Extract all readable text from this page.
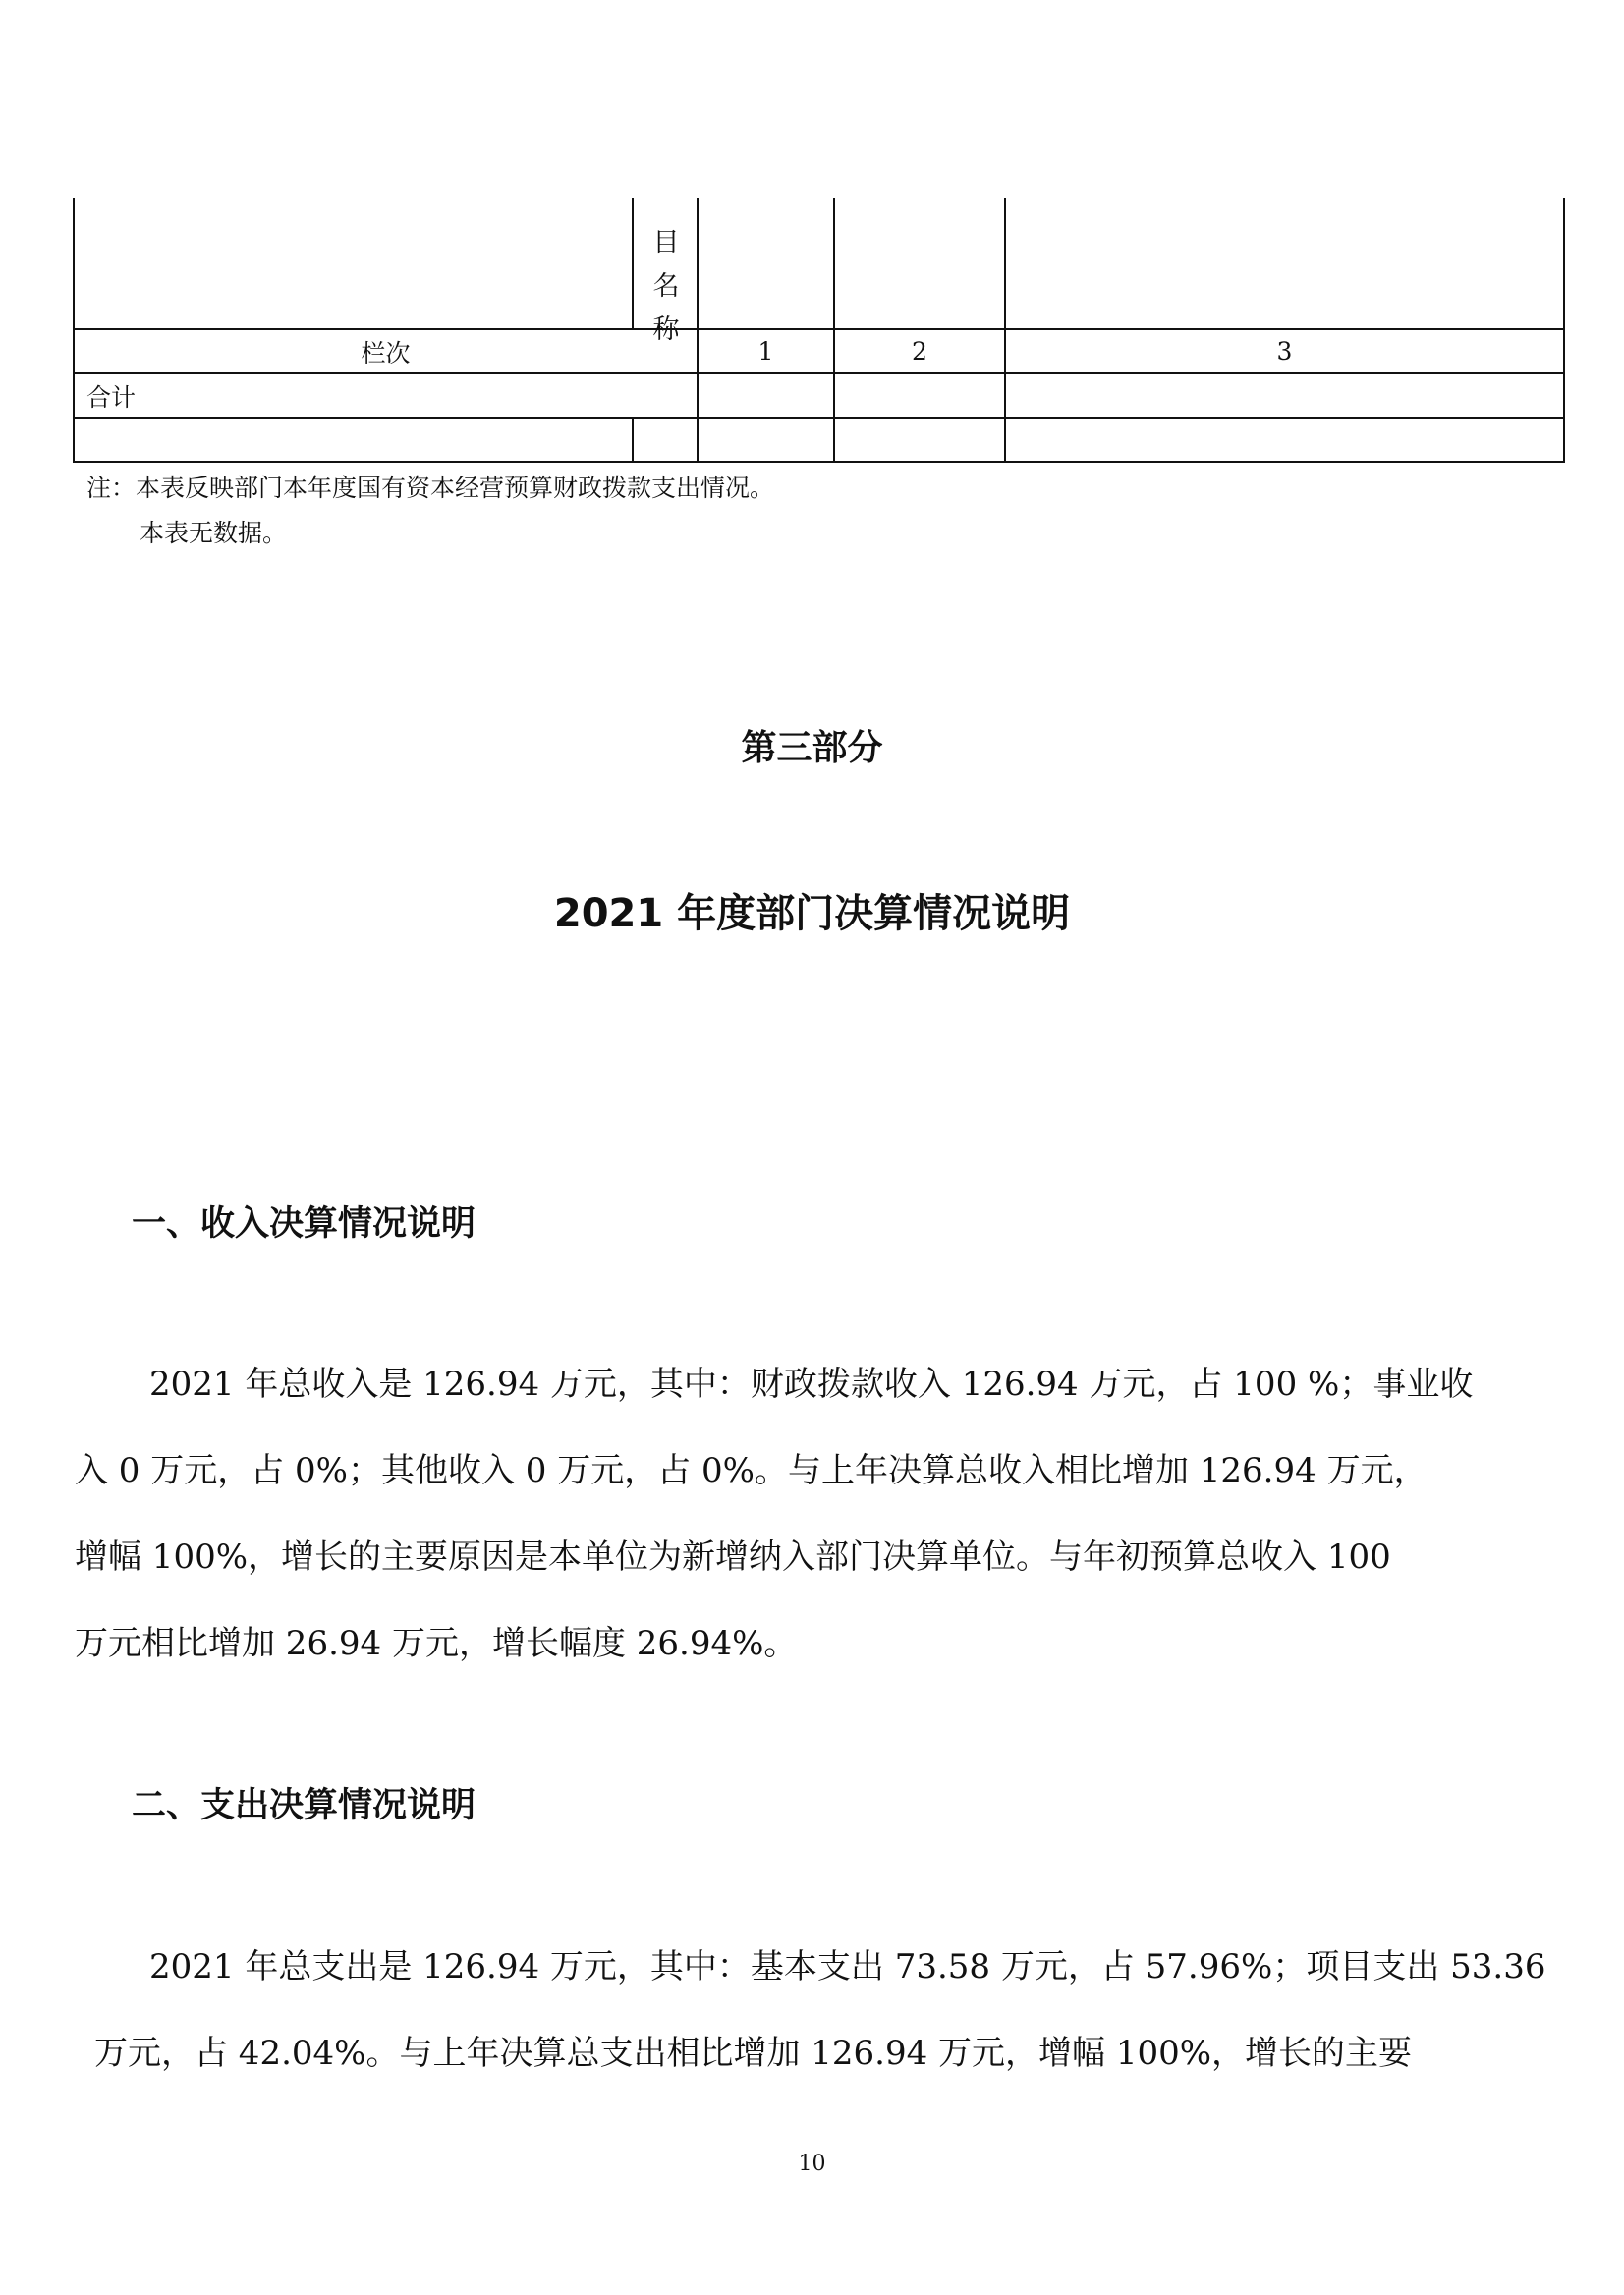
	目
名
称			

栏次		1	2	3
合计				

注：本表反映部门本年度国有资本经营预算财政拨款支出情况。
本表无数据。
第三部分
2021 年度部门决算情况说明
一、收入决算情况说明
2021 年总收入是 126.94 万元，其中：财政拨款收入 126.94 万元，占 100 %；事业收
入 0 万元，占 0%；其他收入 0 万元，占 0%。与上年决算总收入相比增加 126.94 万元，
增幅 100%，增长的主要原因是本单位为新增纳入部门决算单位。与年初预算总收入 100
万元相比增加 26.94 万元，增长幅度 26.94%。
二、支出决算情况说明
2021 年总支出是 126.94 万元，其中：基本支出 73.58 万元，占 57.96%；项目支出 53.36
万元，占 42.04%。与上年决算总支出相比增加 126.94 万元，增幅 100%，增长的主要
10
